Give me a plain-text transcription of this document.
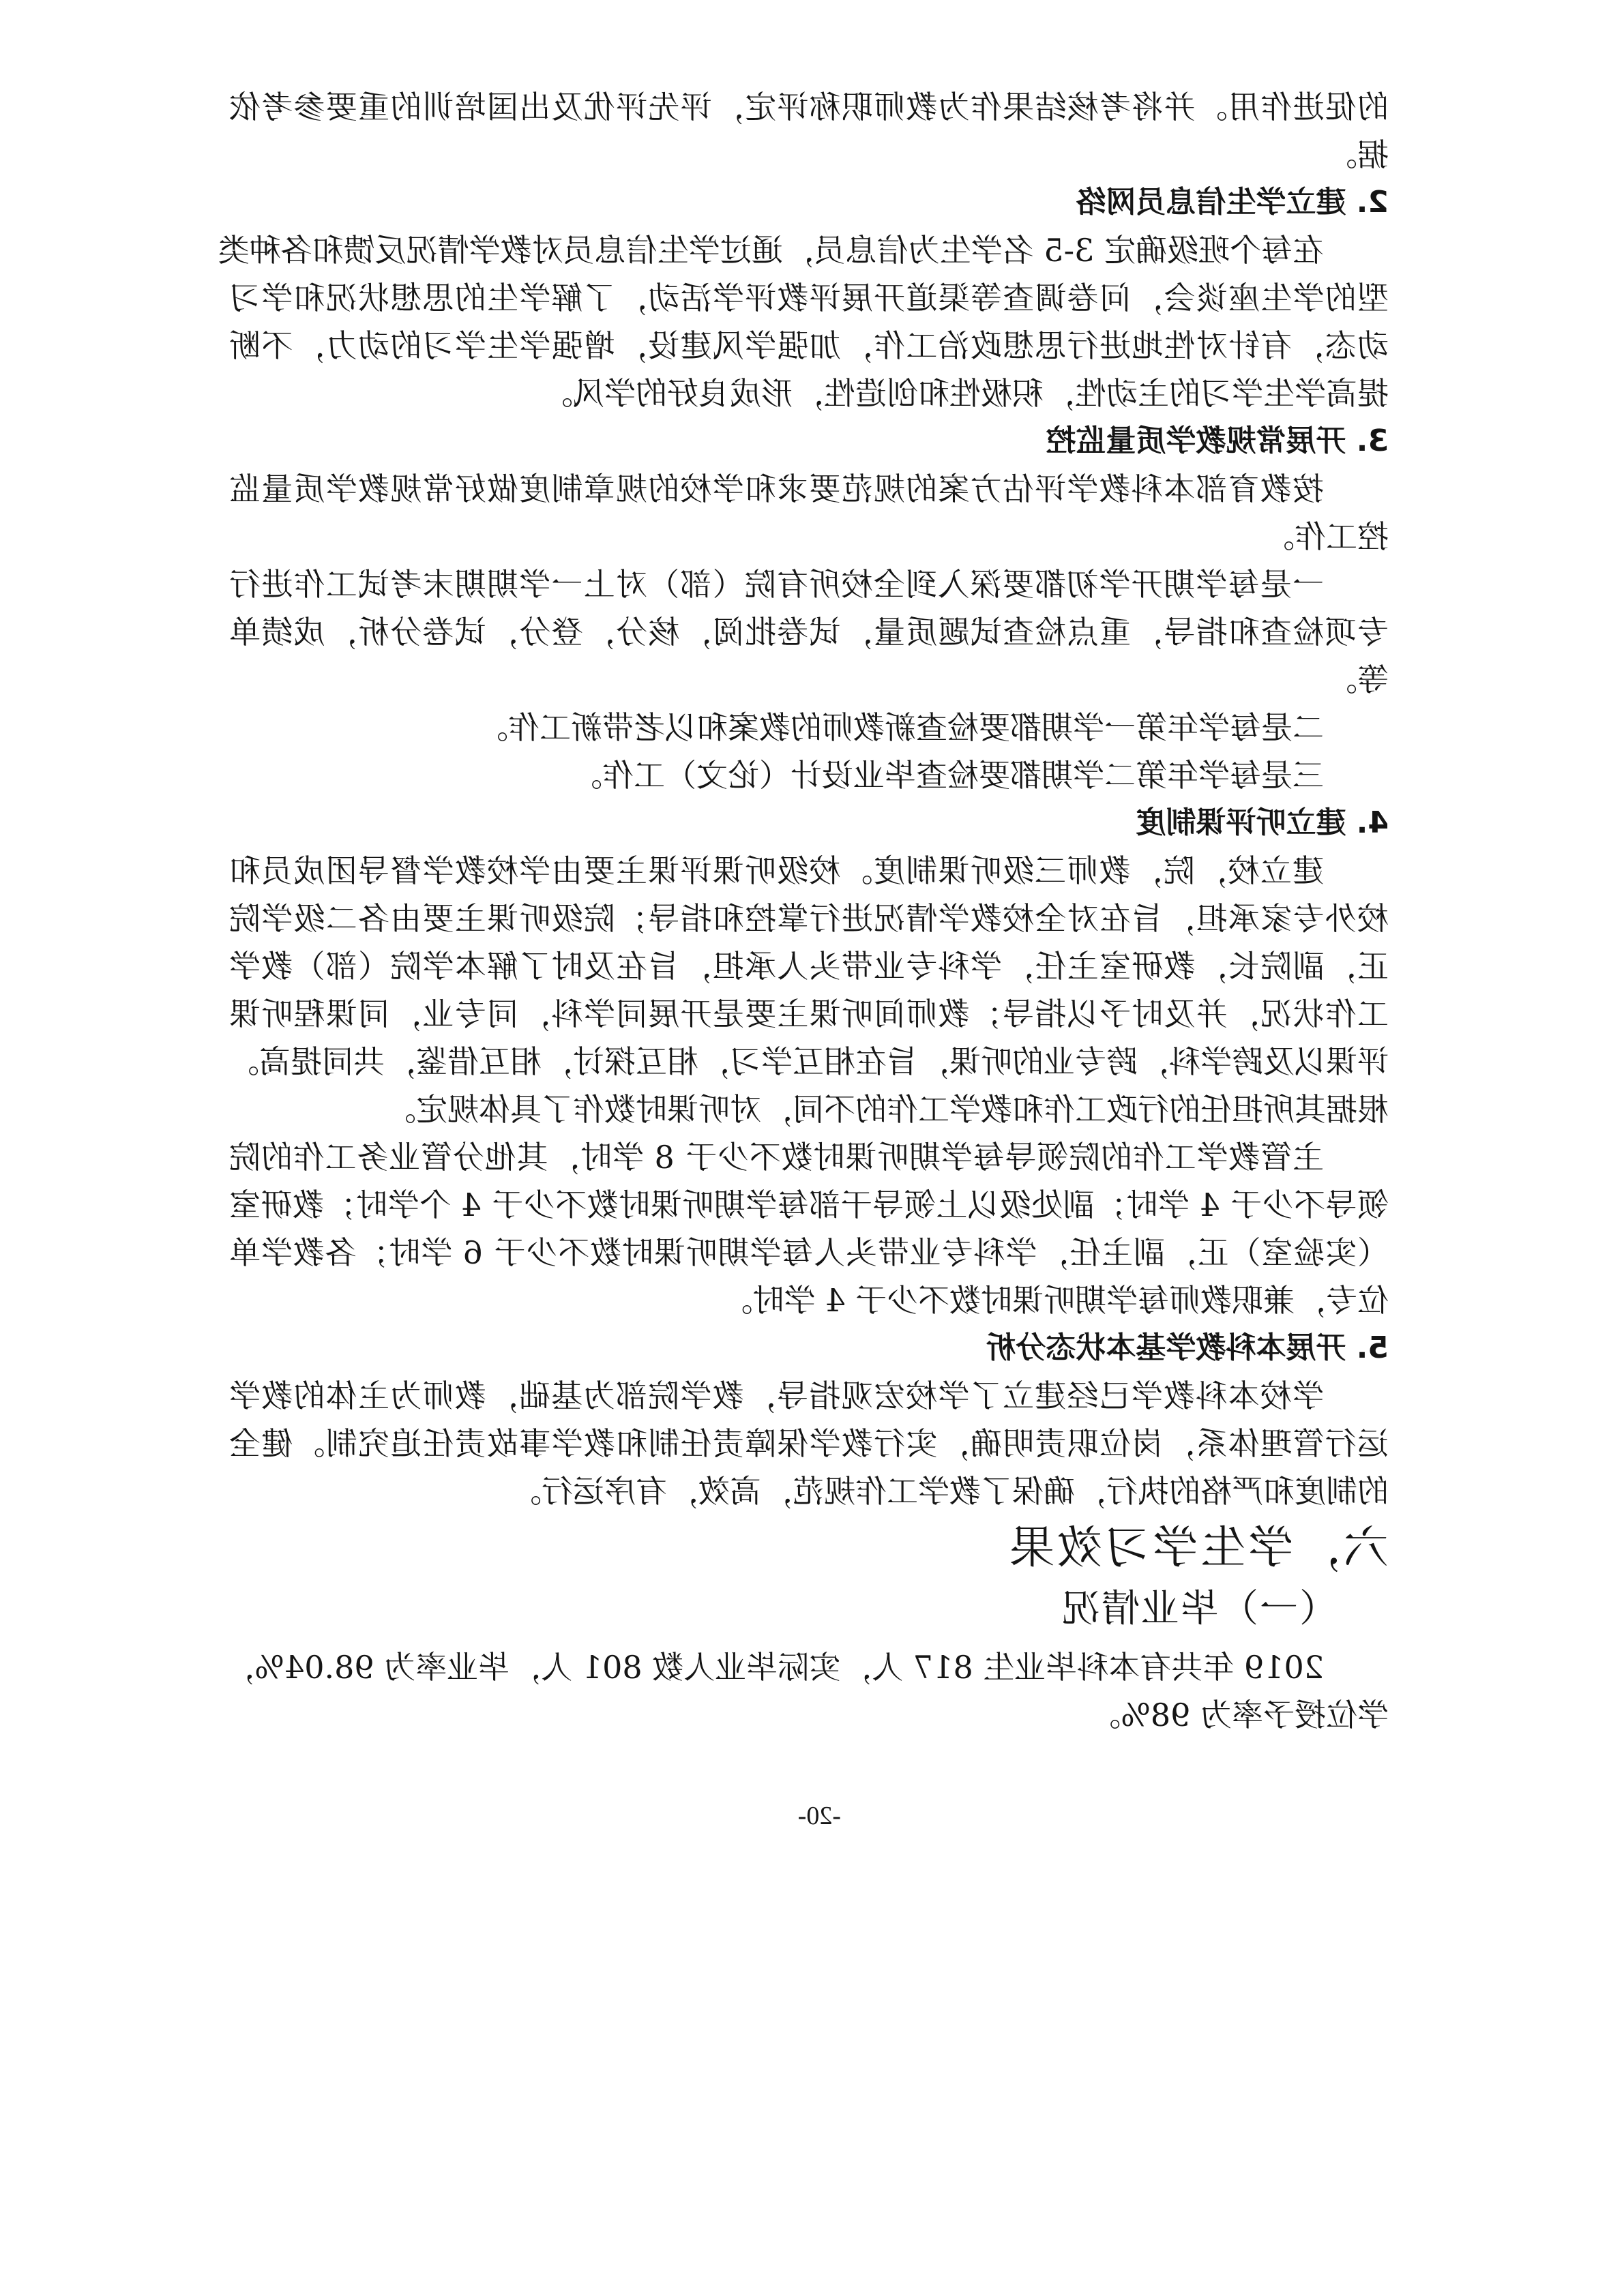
的促进作用。并将考核结果作为教师职称评定，评先评优及出国培训的重要参考依
据。
2. 建立学生信息员网络
在每个班级确定 3-5 名学生为信息员，通过学生信息员对教学情况反馈和各种类
型的学生座谈会，问卷调查等渠道开展评教评学活动，了解学生的思想状况和学习
动态，有针对性地进行思想政治工作，加强学风建设，增强学生学习的动力，不断
提高学生学习的主动性，积极性和创造性，形成良好的学风。
3. 开展常规教学质量监控
按教育部本科教学评估方案的规范要求和学校的规章制度做好常规教学质量监
控工作。
一是每学期开学初都要深入到全校所有院（部）对上一学期期末考试工作进行
专项检查和指导，重点检查试题质量，试卷批阅，核分，登分，试卷分析，成绩单
等。
二是每学年第一学期都要检查新教师的教案和以老带新工作。
三是每学年第二学期都要检查毕业设计（论文）工作。
4. 建立听评课制度
建立校，院，教师三级听课制度。校级听课评课主要由学校教学督导团成员和
校外专家承担，旨在对全校教学情况进行掌控和指导；院级听课主要由各二级学院
正，副院长，教研室主任，学科专业带头人承担，旨在及时了解本学院（部）教学
工作状况，并及时予以指导；教师间听课主要是开展同学科，同专业，同课程听课
评课以及跨学科，跨专业的听课，旨在相互学习，相互探讨，相互借鉴，共同提高。
根据其所担任的行政工作和教学工作的不同，对听课时数作了具体规定。
主管教学工作的院领导每学期听课时数不少于 8 学时，其他分管业务工作的院
领导不少于 4 学时；副处级以上领导干部每学期听课时数不少于 4 个学时；教研室
（实验室）正，副主任，学科专业带头人每学期听课时数不少于 6 学时；各教学单
位专，兼职教师每学期听课时数不少于 4 学时。
5. 开展本科教学基本状态分析
学校本科教学已经建立了学校宏观指导，教学院部为基础，教师为主体的教学
运行管理体系，岗位职责明确，实行教学保障责任制和教学事故责任追究制。健全
的制度和严格的执行，确保了教学工作规范，高效，有序运行。
六，学生学习效果
（一）毕业情况
2019 年共有本科毕业生 817 人，实际毕业人数 801 人，毕业率为 98.04%，
学位授予率为 98%。
-20-
